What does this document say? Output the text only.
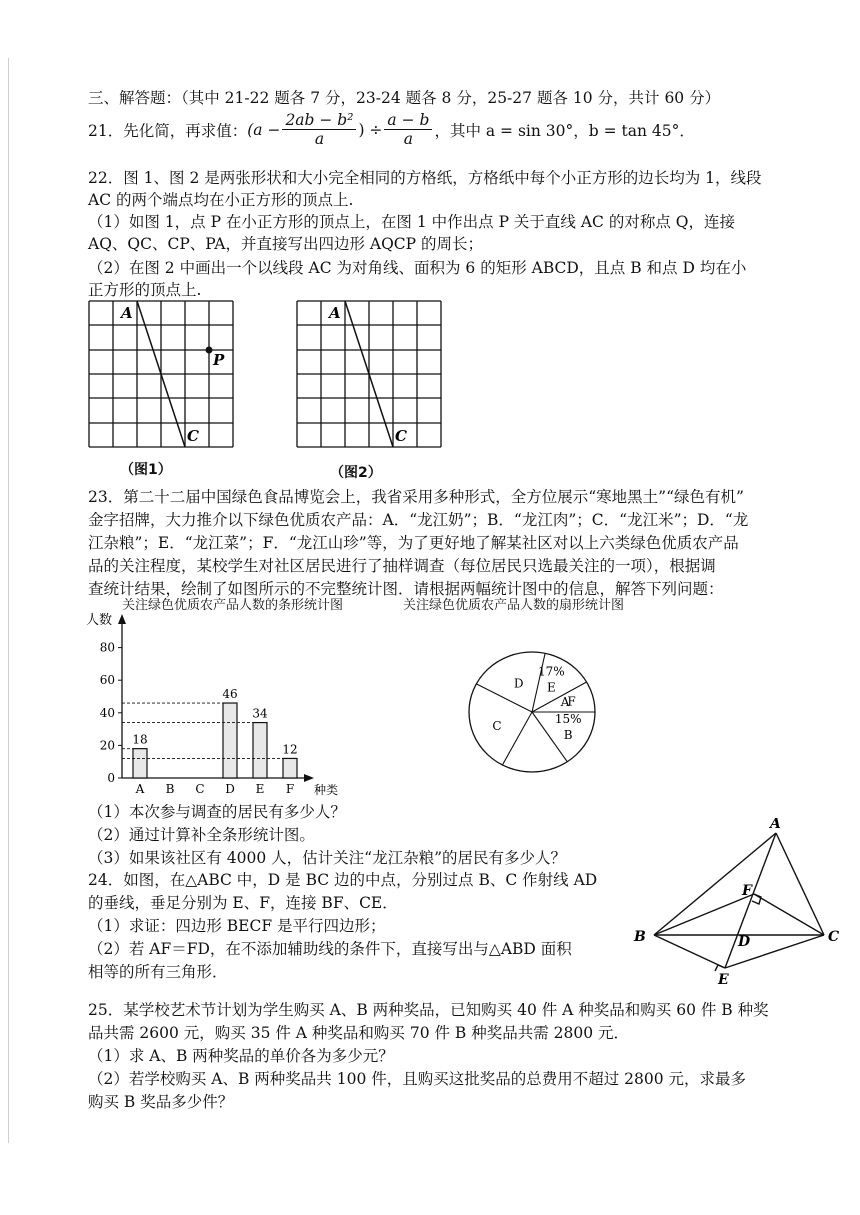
三、解答题：（其中 21-22 题各 7 分，23-24 题各 8 分，25-27 题各 10 分，共计 60 分）
21．先化简，再求值： ($a - \frac{\text{2ab − b²}}{a}$ ) ÷ $\frac{a - b}{a}$ ，其中 a = sin 30°，b = tan 45°．
22．图 1、图 2 是两张形状和大小完全相同的方格纸，方格纸中每个小正方形的边长均为 1，线段
AC 的两个端点均在小正方形的顶点上.
（1）如图 1，点 P 在小正方形的顶点上，在图 1 中作出点 P 关于直线 AC 的对称点 Q，连接
AQ、QC、CP、PA，并直接写出四边形 AQCP 的周长；
（2）在图 2 中画出一个以线段 AC 为对角线、面积为 6 的矩形 ABCD，且点 B 和点 D 均在小
正方形的顶点上.
A
P
C
（图1）
A
C
（图2）
23．第二十二届中国绿色食品博览会上，我省采用多种形式，全方位展示“寒地黑土”“绿色有机”
金字招牌，大力推介以下绿色优质农产品：A．“龙江奶”；B．“龙江肉”；C．“龙江米”；D．“龙
江杂粮”；E．“龙江菜”；F．“龙江山珍”等，为了更好地了解某社区对以上六类绿色优质农产品
品的关注程度，某校学生对社区居民进行了抽样调查（每位居民只选最关注的一项），根据调
查统计结果，绘制了如图所示的不完整统计图．请根据两幅统计图中的信息，解答下列问题：
关注绿色优质农产品人数的条形统计图	关注绿色优质农产品人数的扇形统计图
0
20
40
60
80
人数
种类
A
18
B C D
46
E
34
F
12
A
15%
B
C
D
17%
E
F
（1）本次参与调查的居民有多少人？
（2）通过计算补全条形统计图。
（3）如果该社区有 4000 人，估计关注“龙江杂粮”的居民有多少人？
24．如图，在△ABC 中，D 是 BC 边的中点，分别过点 B、C 作射线 AD
的垂线，垂足分别为 E、F，连接 BF、CE．
（1）求证：四边形 BECF 是平行四边形；
（2）若 AF＝FD，在不添加辅助线的条件下，直接写出与△ABD 面积
相等的所有三角形．
A
B	C
D
E
F
25．某学校艺术节计划为学生购买 A、B 两种奖品，已知购买 40 件 A 种奖品和购买 60 件 B 种奖
品共需 2600 元，购买 35 件 A 种奖品和购买 70 件 B 种奖品共需 2800 元．
（1）求 A、B 两种奖品的单价各为多少元？
（2）若学校购买 A、B 两种奖品共 100 件，且购买这批奖品的总费用不超过 2800 元，求最多
购买 B 奖品多少件？
